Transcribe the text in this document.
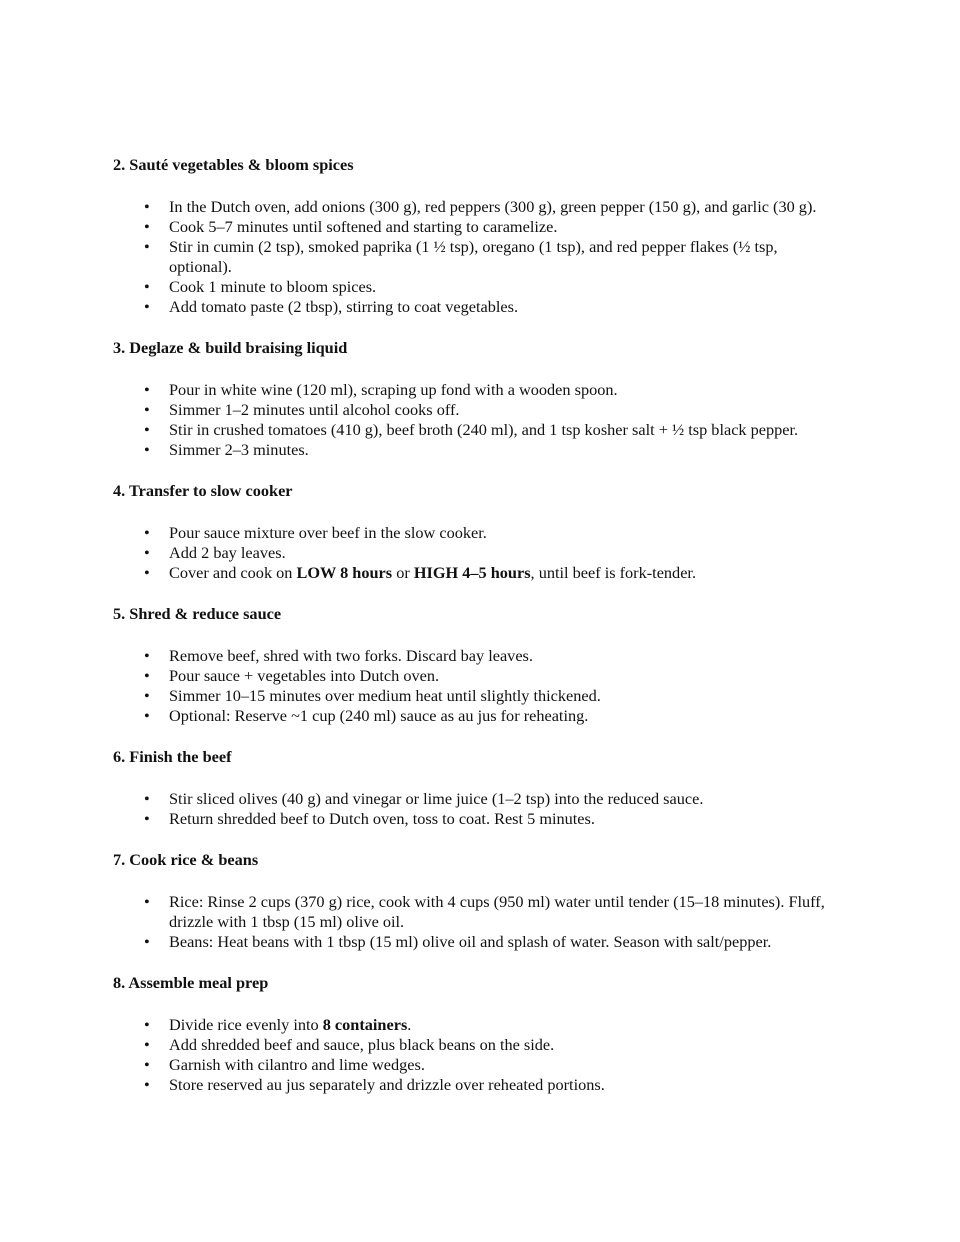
2. Sauté vegetables & bloom spices
• In the Dutch oven, add onions (300 g), red peppers (300 g), green pepper (150 g), and garlic (30 g).
• Cook 5–7 minutes until softened and starting to caramelize.
• Stir in cumin (2 tsp), smoked paprika (1 ½ tsp), oregano (1 tsp), and red pepper flakes (½ tsp, optional).
• Cook 1 minute to bloom spices.
• Add tomato paste (2 tbsp), stirring to coat vegetables.
3. Deglaze & build braising liquid
• Pour in white wine (120 ml), scraping up fond with a wooden spoon.
• Simmer 1–2 minutes until alcohol cooks off.
• Stir in crushed tomatoes (410 g), beef broth (240 ml), and 1 tsp kosher salt + ½ tsp black pepper.
• Simmer 2–3 minutes.
4. Transfer to slow cooker
• Pour sauce mixture over beef in the slow cooker.
• Add 2 bay leaves.
• Cover and cook on LOW 8 hours or HIGH 4–5 hours, until beef is fork-tender.
5. Shred & reduce sauce
• Remove beef, shred with two forks. Discard bay leaves.
• Pour sauce + vegetables into Dutch oven.
• Simmer 10–15 minutes over medium heat until slightly thickened.
• Optional: Reserve ~1 cup (240 ml) sauce as au jus for reheating.
6. Finish the beef
• Stir sliced olives (40 g) and vinegar or lime juice (1–2 tsp) into the reduced sauce.
• Return shredded beef to Dutch oven, toss to coat. Rest 5 minutes.
7. Cook rice & beans
• Rice: Rinse 2 cups (370 g) rice, cook with 4 cups (950 ml) water until tender (15–18 minutes). Fluff, drizzle with 1 tbsp (15 ml) olive oil.
• Beans: Heat beans with 1 tbsp (15 ml) olive oil and splash of water. Season with salt/pepper.
8. Assemble meal prep
• Divide rice evenly into 8 containers.
• Add shredded beef and sauce, plus black beans on the side.
• Garnish with cilantro and lime wedges.
• Store reserved au jus separately and drizzle over reheated portions.
